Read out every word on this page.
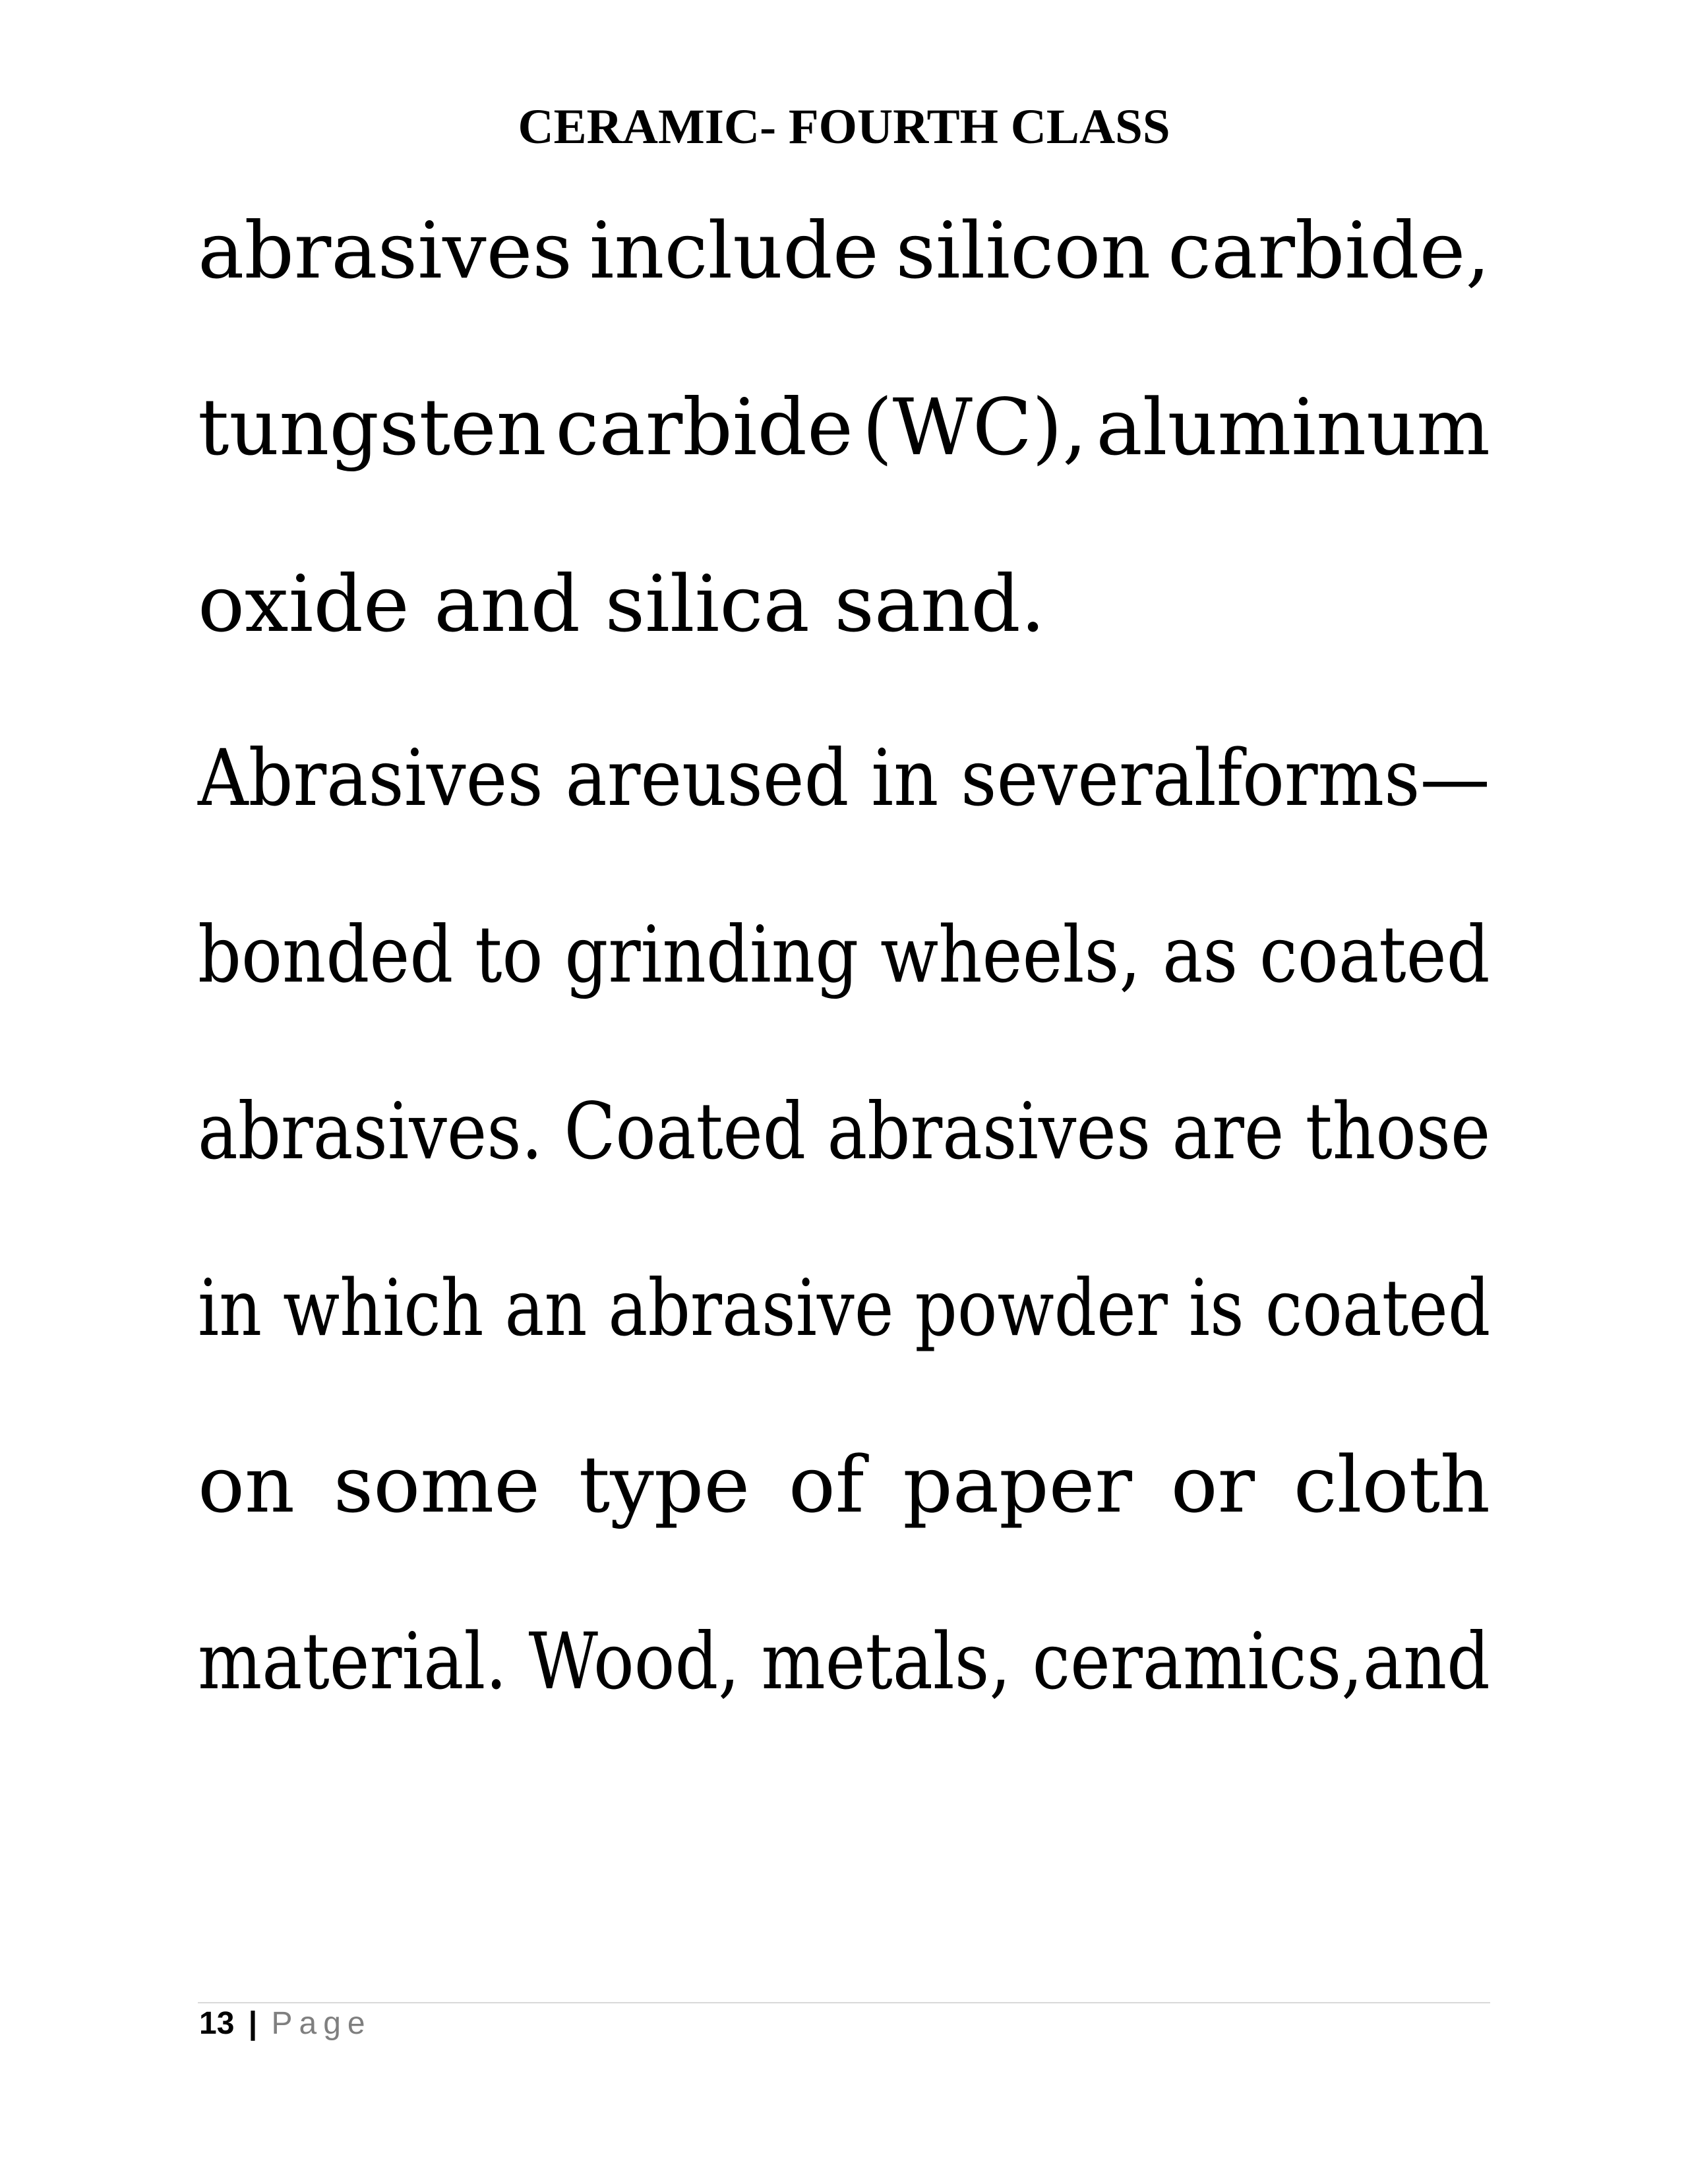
CERAMIC- FOURTH CLASS
abrasives include silicon carbide,
tungsten carbide (WC), aluminum
oxide and silica sand.
Abrasives are used in several forms—
bonded to grinding wheels, as coated
abrasives. Coated abrasives are those
in which an abrasive powder is coated
on some type of paper or cloth
material. Wood, metals, ceramics, and
13 | Page
